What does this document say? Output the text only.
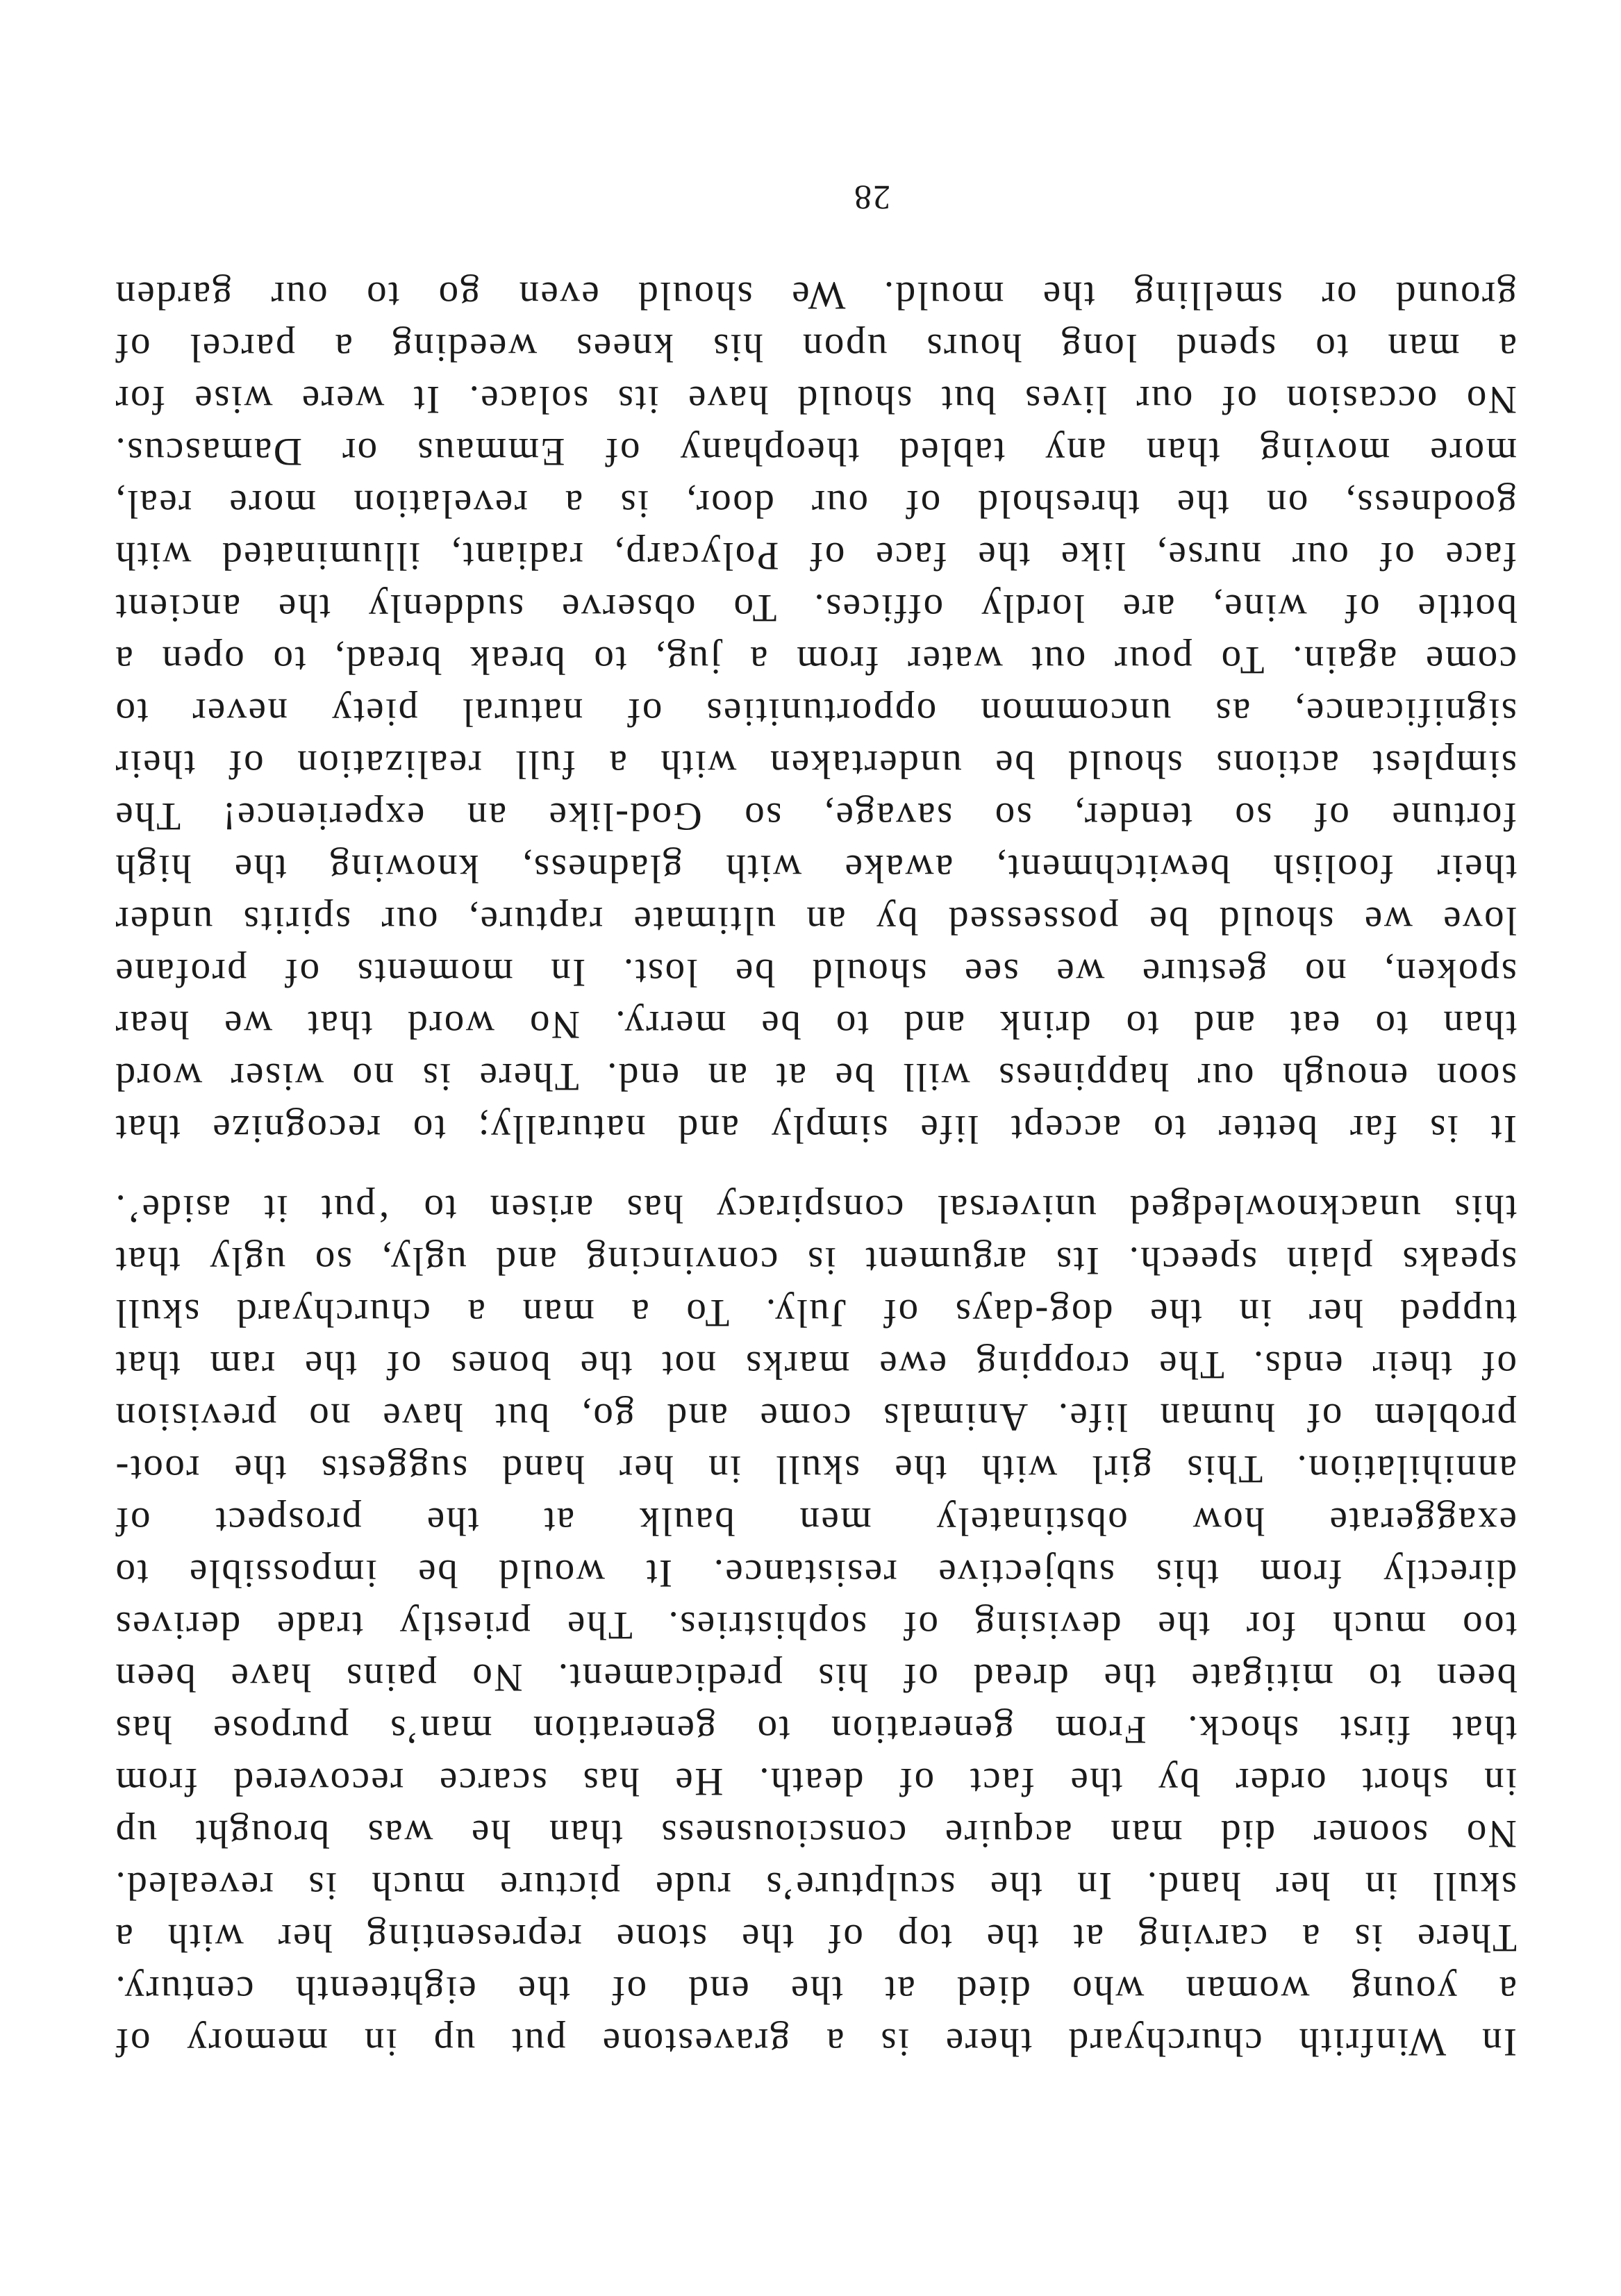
In Winfrith churchyard there is a gravestone put up in memory of
a young woman who died at the end of the eighteenth century.
There is a carving at the top of the stone representing her with a
skull in her hand. In the sculpture’s rude picture much is revealed.
No sooner did man acquire consciousness than he was brought up
in short order by the fact of death. He has scarce recovered from
that first shock. From generation to generation man’s purpose has
been to mitigate the dread of his predicament. No pains have been
too much for the devising of sophistries. The priestly trade derives
directly from this subjective resistance. It would be impossible to
exaggerate how obstinately men baulk at the prospect of
annihilation. This girl with the skull in her hand suggests the root-
problem of human life. Animals come and go, but have no prevision
of their ends. The cropping ewe marks not the bones of the ram that
tupped her in the dog-days of July. To a man a churchyard skull
speaks plain speech. Its argument is convincing and ugly, so ugly that
this unacknowledged universal conspiracy has arisen to ‘put it aside’.
It is far better to accept life simply and naturally; to recognize that
soon enough our happiness will be at an end. There is no wiser word
than to eat and to drink and to be merry. No word that we hear
spoken, no gesture we see should be lost. In moments of profane
love we should be possessed by an ultimate rapture, our spirits under
their foolish bewitchment, awake with gladness, knowing the high
fortune of so tender, so savage, so God-like an experience! The
simplest actions should be undertaken with a full realization of their
significance, as uncommon opportunities of natural piety never to
come again. To pour out water from a jug, to break bread, to open a
bottle of wine, are lordly offices. To observe suddenly the ancient
face of our nurse, like the face of Polycarp, radiant, illuminated with
goodness, on the threshold of our door, is a revelation more real,
more moving than any tabled theophany of Emmaus or Damascus.
No occasion of our lives but should have its solace. It were wise for
a man to spend long hours upon his knees weeding a parcel of
ground or smelling the mould. We should even go to our garden
28
